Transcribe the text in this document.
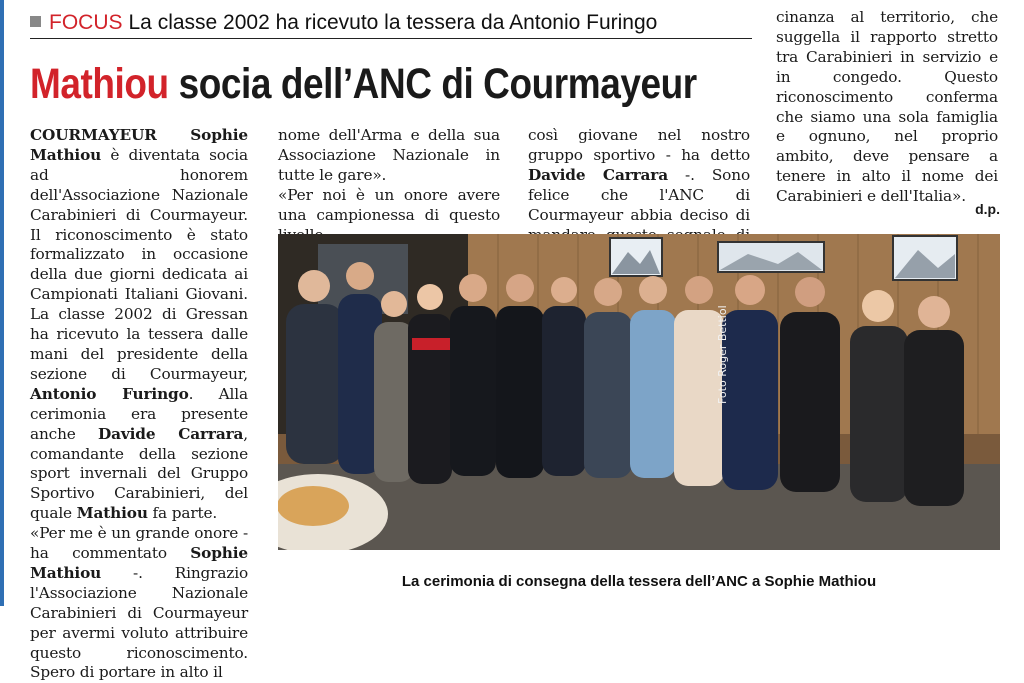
FOCUS La classe 2002 ha ricevuto la tessera da Antonio Furingo
Mathiou socia dell’ANC di Courmayeur

COURMAYEUR Sophie Mathiou è diventata socia ad honorem dell'Associazione Nazionale Carabinieri di Courmayeur. Il riconoscimento è stato formalizzato in occasione della due giorni dedicata ai Campionati Italiani Giovani. La classe 2002 di Gressan ha ricevuto la tessera dalle mani del presidente della sezione di Courmayeur, Antonio Furingo. Alla cerimonia era presente anche Davide Carrara, comandante della sezione sport invernali del Gruppo Sportivo Carabinieri, del quale Mathiou fa parte.

«Per me è un grande onore - ha commentato Sophie Mathiou -. Ringrazio l'Associazione Nazionale Carabinieri di Courmayeur per avermi voluto attribuire questo riconoscimento. Spero di portare in alto il

nome dell'Arma e della sua Associazione Nazionale in tutte le gare».

«Per noi è un onore avere una campionessa di questo

così giovane nel nostro gruppo sportivo - ha detto Davide Carrara -. Sono felice che l'ANC di Courmayeur abbia deciso di

cinanza al territorio, che suggella il rapporto stretto tra Carabinieri in servizio e in congedo. Questo riconoscimento conferma che siamo una sola famiglia e ognuno, nel proprio ambito, deve pensare a tenere in alto il nome dei Carabinieri e dell'Italia».

d.p.
Foto Roger Bettiol
La cerimonia di consegna della tessera dell’ANC a Sophie Mathiou
